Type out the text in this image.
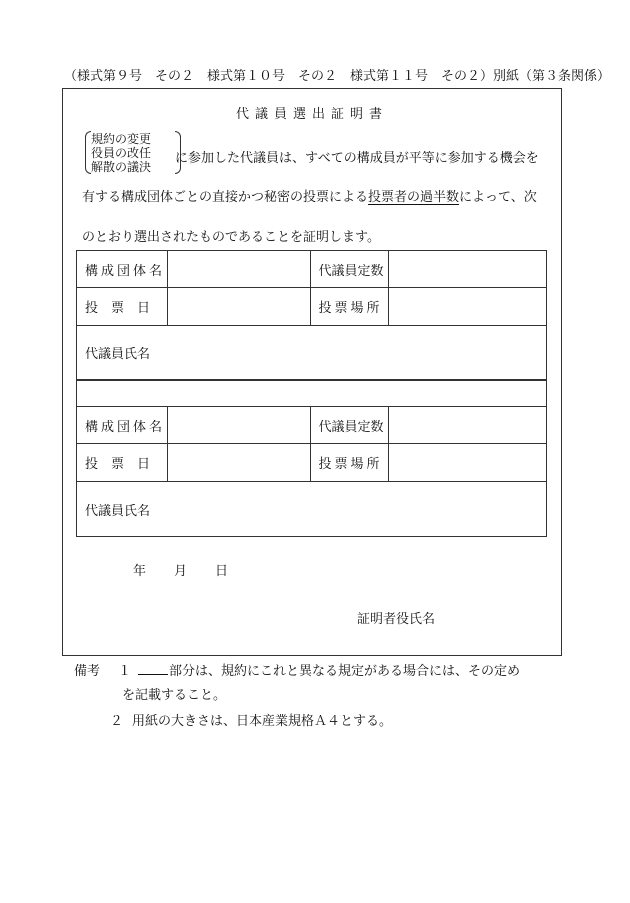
（様式第９号　その２　様式第１０号　その２　様式第１１号　その２）別紙（第３条関係）
代議員選出証明書
規約の変更
役員の改任
解散の議決
に参加した代議員は、すべての構成員が平等に参加する機会を
有する構成団体ごとの直接かつ秘密の投票による投票者の過半数によって、次
のとおり選出されたものであることを証明します。
構成団体名		代議員定数	
投　票　日		投票場所	
代議員氏名			
構成団体名		代議員定数	
投　票　日		投票場所	
代議員氏名			
年 月 日
証明者役氏名
備考 １	部分は、規約にこれと異なる規定がある場合には、その定め
を記載すること。
２ 用紙の大きさは、日本産業規格Ａ４とする。
